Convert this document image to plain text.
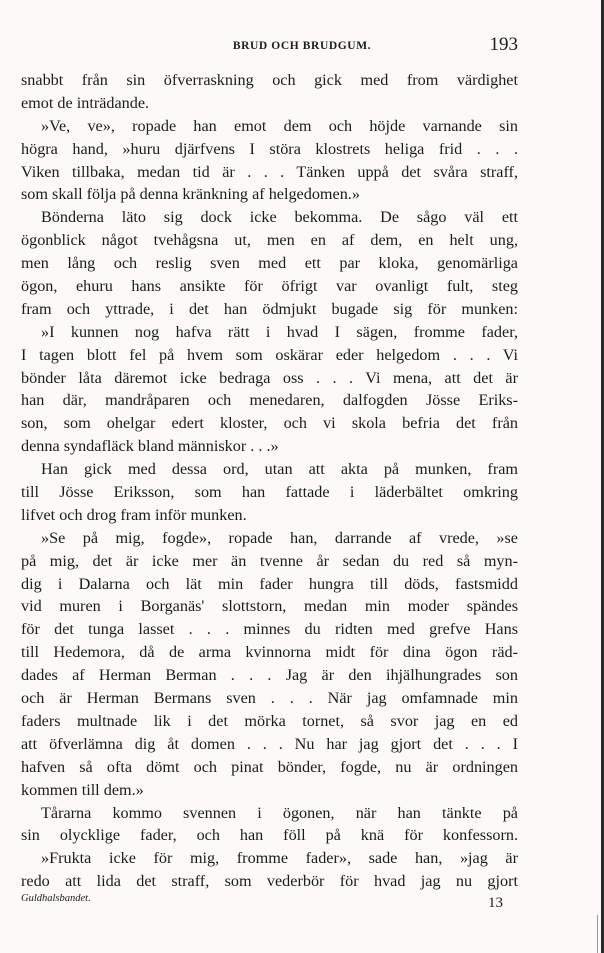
BRUD OCH BRUDGUM.	193
snabbt från sin öfverraskning och gick med from värdighet
emot de inträdande.
»Ve, ve», ropade han emot dem och höjde varnande sin
högra hand, »huru djärfvens I störa klostrets heliga frid . . .
Viken tillbaka, medan tid är . . . Tänken uppå det svåra straff,
som skall följa på denna kränkning af helgedomen.»
Bönderna läto sig dock icke bekomma. De sågo väl ett
ögonblick något tvehågsna ut, men en af dem, en helt ung,
men lång och reslig sven med ett par kloka, genomärliga
ögon, ehuru hans ansikte för öfrigt var ovanligt fult, steg
fram och yttrade, i det han ödmjukt bugade sig för munken:
»I kunnen nog hafva rätt i hvad I sägen, fromme fader,
I tagen blott fel på hvem som oskärar eder helgedom . . . Vi
bönder låta däremot icke bedraga oss . . . Vi mena, att det är
han där, mandråparen och menedaren, dalfogden Jösse Eriks-
son, som ohelgar edert kloster, och vi skola befria det från
denna syndafläck bland människor . . .»
Han gick med dessa ord, utan att akta på munken, fram
till Jösse Eriksson, som han fattade i läderbältet omkring
lifvet och drog fram inför munken.
»Se på mig, fogde», ropade han, darrande af vrede, »se
på mig, det är icke mer än tvenne år sedan du red så myn-
dig i Dalarna och lät min fader hungra till döds, fastsmidd
vid muren i Borganäs' slottstorn, medan min moder spändes
för det tunga lasset . . . minnes du ridten med grefve Hans
till Hedemora, då de arma kvinnorna midt för dina ögon räd-
dades af Herman Berman . . . Jag är den ihjälhungrades son
och är Herman Bermans sven . . . När jag omfamnade min
faders multnade lik i det mörka tornet, så svor jag en ed
att öfverlämna dig åt domen . . . Nu har jag gjort det . . . I
hafven så ofta dömt och pinat bönder, fogde, nu är ordningen
kommen till dem.»
Tårarna kommo svennen i ögonen, när han tänkte på
sin olycklige fader, och han föll på knä för konfessorn.
»Frukta icke för mig, fromme fader», sade han, »jag är
redo att lida det straff, som vederbör för hvad jag nu gjort
Guldhalsbandet.	13
